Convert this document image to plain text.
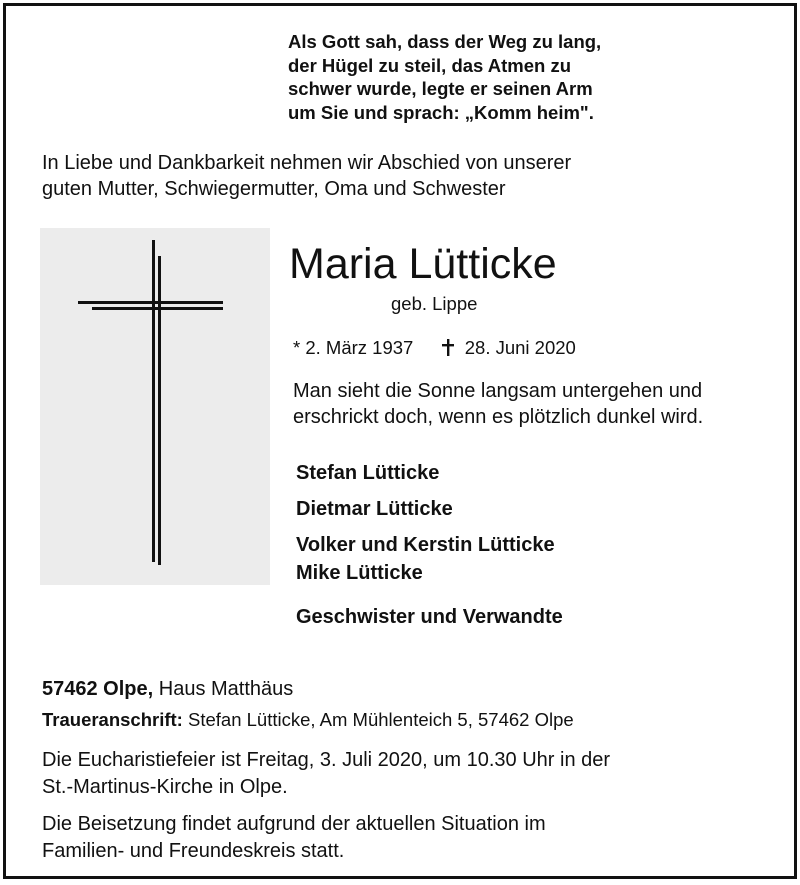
Als Gott sah, dass der Weg zu lang,
der Hügel zu steil, das Atmen zu
schwer wurde, legte er seinen Arm
um Sie und sprach: „Komm heim".
In Liebe und Dankbarkeit nehmen wir Abschied von unserer
guten Mutter, Schwiegermutter, Oma und Schwester
Maria Lütticke
geb. Lippe
* 2. März 1937	28. Juni 2020
Man sieht die Sonne langsam untergehen und
erschrickt doch, wenn es plötzlich dunkel wird.
Stefan Lütticke
Dietmar Lütticke
Volker und Kerstin Lütticke
Mike Lütticke
Geschwister und Verwandte
57462 Olpe, Haus Matthäus
Traueranschrift: Stefan Lütticke, Am Mühlenteich 5, 57462 Olpe
Die Eucharistiefeier ist Freitag, 3. Juli 2020, um 10.30 Uhr in der
St.-Martinus-Kirche in Olpe.
Die Beisetzung findet aufgrund der aktuellen Situation im
Familien- und Freundeskreis statt.
